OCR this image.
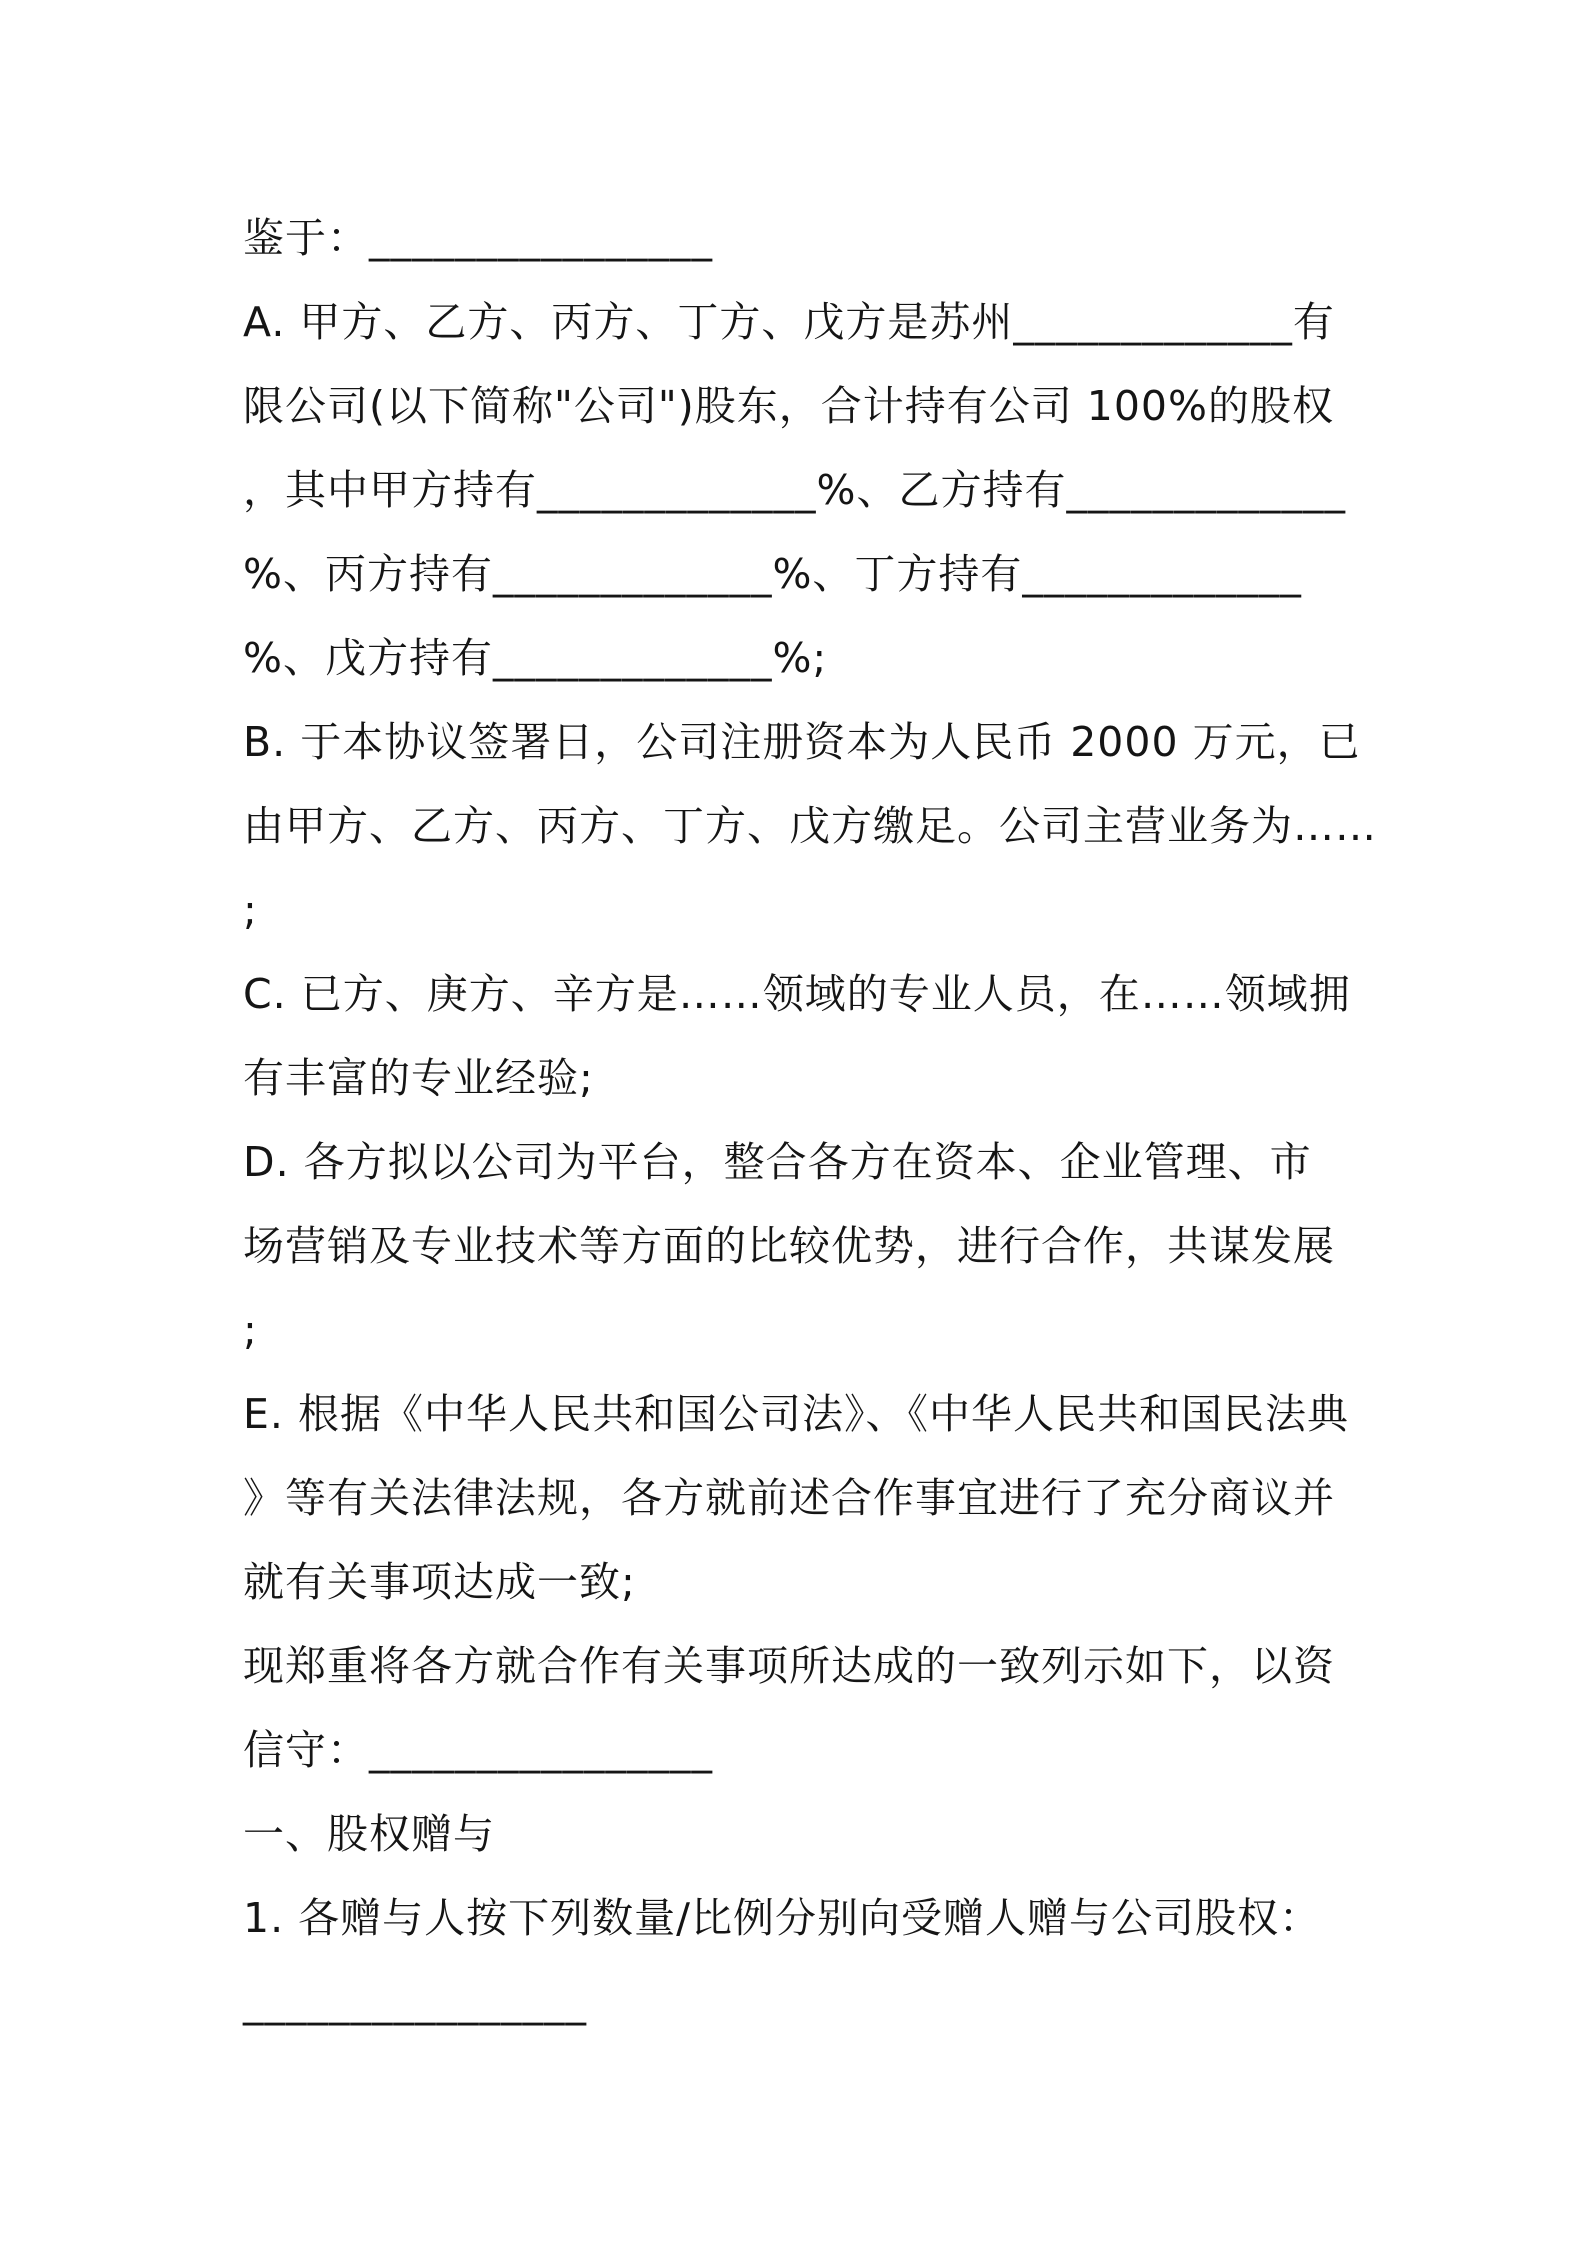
鉴于：________________
A. 甲方、乙方、丙方、丁方、戊方是苏州_____________有
限公司(以下简称"公司")股东，合计持有公司 100%的股权
，其中甲方持有_____________%、乙方持有_____________
%、丙方持有_____________%、丁方持有_____________
%、戊方持有_____________%;
B. 于本协议签署日，公司注册资本为人民币 2000 万元，已
由甲方、乙方、丙方、丁方、戊方缴足。公司主营业务为……
;
C. 已方、庚方、辛方是……领域的专业人员，在……领域拥
有丰富的专业经验;
D. 各方拟以公司为平台，整合各方在资本、企业管理、市
场营销及专业技术等方面的比较优势，进行合作，共谋发展
;
E. 根据《中华人民共和国公司法》、《中华人民共和国民法典
》等有关法律法规，各方就前述合作事宜进行了充分商议并
就有关事项达成一致;
现郑重将各方就合作有关事项所达成的一致列示如下，以资
信守：________________
一、股权赠与
1. 各赠与人按下列数量/比例分别向受赠人赠与公司股权：
________________
